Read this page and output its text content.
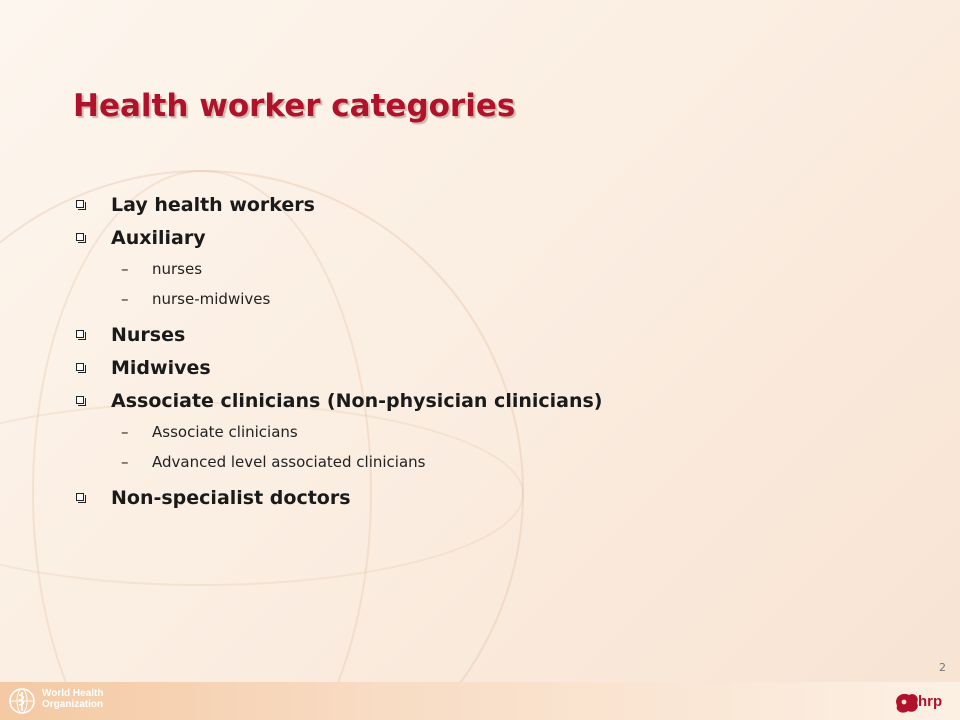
Health worker categories
Lay health workers
Auxiliary
– nurses
– nurse-midwives
Nurses
Midwives
Associate clinicians (Non-physician clinicians)
– Associate clinicians
– Advanced level associated clinicians
Non-specialist doctors
2
World Health
Organization	hrp
